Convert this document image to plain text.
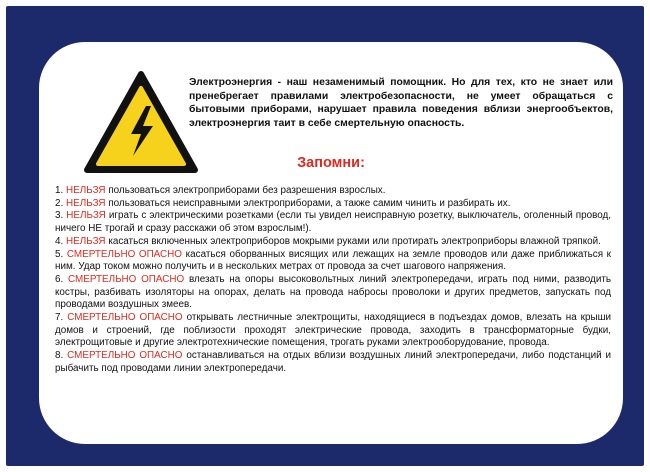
Электроэнергия - наш незаменимый помощник. Но для тех, кто не знает или пренебрегает правилами электробезопасности, не умеет обращаться с бытовыми приборами, нарушает правила поведения вблизи энергообъектов, электроэнергия таит в себе смертельную опасность.

Запомни:

1. НЕЛЬЗЯ пользоваться электроприборами без разрешения взрослых.
2. НЕЛЬЗЯ пользоваться неисправными электроприборами, а также самим чинить и разбирать их.
3. НЕЛЬЗЯ играть с электрическими розетками (если ты увидел неисправную розетку, выключатель, оголенный провод, ничего НЕ трогай и сразу расскажи об этом взрослым!).
4. НЕЛЬЗЯ касаться включенных электроприборов мокрыми руками или протирать электроприборы влажной тряпкой.
5. СМЕРТЕЛЬНО ОПАСНО касаться оборванных висящих или лежащих на земле проводов или даже приближаться к ним. Удар током можно получить и в нескольких метрах от провода за счет шагового напряжения.
6. СМЕРТЕЛЬНО ОПАСНО влезать на опоры высоковольтных линий электропередачи, играть под ними, разводить костры, разбивать изоляторы на опорах, делать на провода набросы проволоки и других предметов, запускать под проводами воздушных змеев.
7. СМЕРТЕЛЬНО ОПАСНО открывать лестничные электрощиты, находящиеся в подъездах домов, влезать на крыши домов и строений, где поблизости проходят электрические провода, заходить в трансформаторные будки, электрощитовые и другие электротехнические помещения, трогать руками электрооборудование, провода.
8. СМЕРТЕЛЬНО ОПАСНО останавливаться на отдых вблизи воздушных линий электропередачи, либо подстанций и рыбачить под проводами линии электропередачи.
